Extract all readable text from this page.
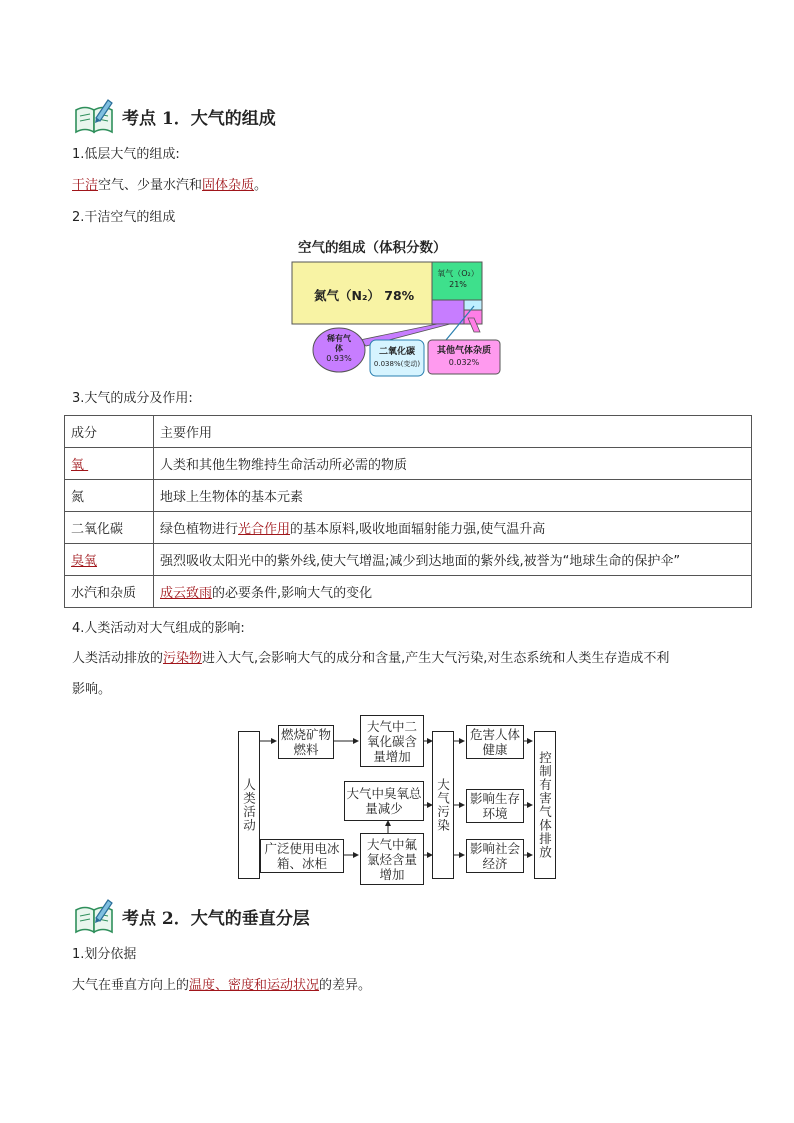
考点 1．大气的组成
1.低层大气的组成:
干洁空气、少量水汽和固体杂质。
2.干洁空气的组成
空气的组成（体积分数）
氮气（N₂） 78%
氧气（O₂）
21%
稀有气
体
0.93%
二氧化碳
0.038%(变动)
其他气体杂质
0.032%
3.大气的成分及作用:
成分	主要作用
氧	人类和其他生物维持生命活动所必需的物质
氮	地球上生物体的基本元素
二氧化碳	绿色植物进行光合作用的基本原料,吸收地面辐射能力强,使气温升高
臭氧	强烈吸收太阳光中的紫外线,使大气增温;减少到达地面的紫外线,被誉为“地球生命的保护伞”
水汽和杂质	成云致雨的必要条件,影响大气的变化
4.人类活动对大气组成的影响:
人类活动排放的污染物进入大气,会影响大气的成分和含量,产生大气污染,对生态系统和人类生存造成不利
影响。
人类活动
燃烧矿物燃料
广泛使用电冰箱、冰柜
大气中二氧化碳含量增加
大气中臭氧总量减少
大气中氟氯烃含量增加
大气污染
危害人体健康
影响生存环境
影响社会经济
控制有害气体排放
考点 2．大气的垂直分层
1.划分依据
大气在垂直方向上的温度、密度和运动状况的差异。
